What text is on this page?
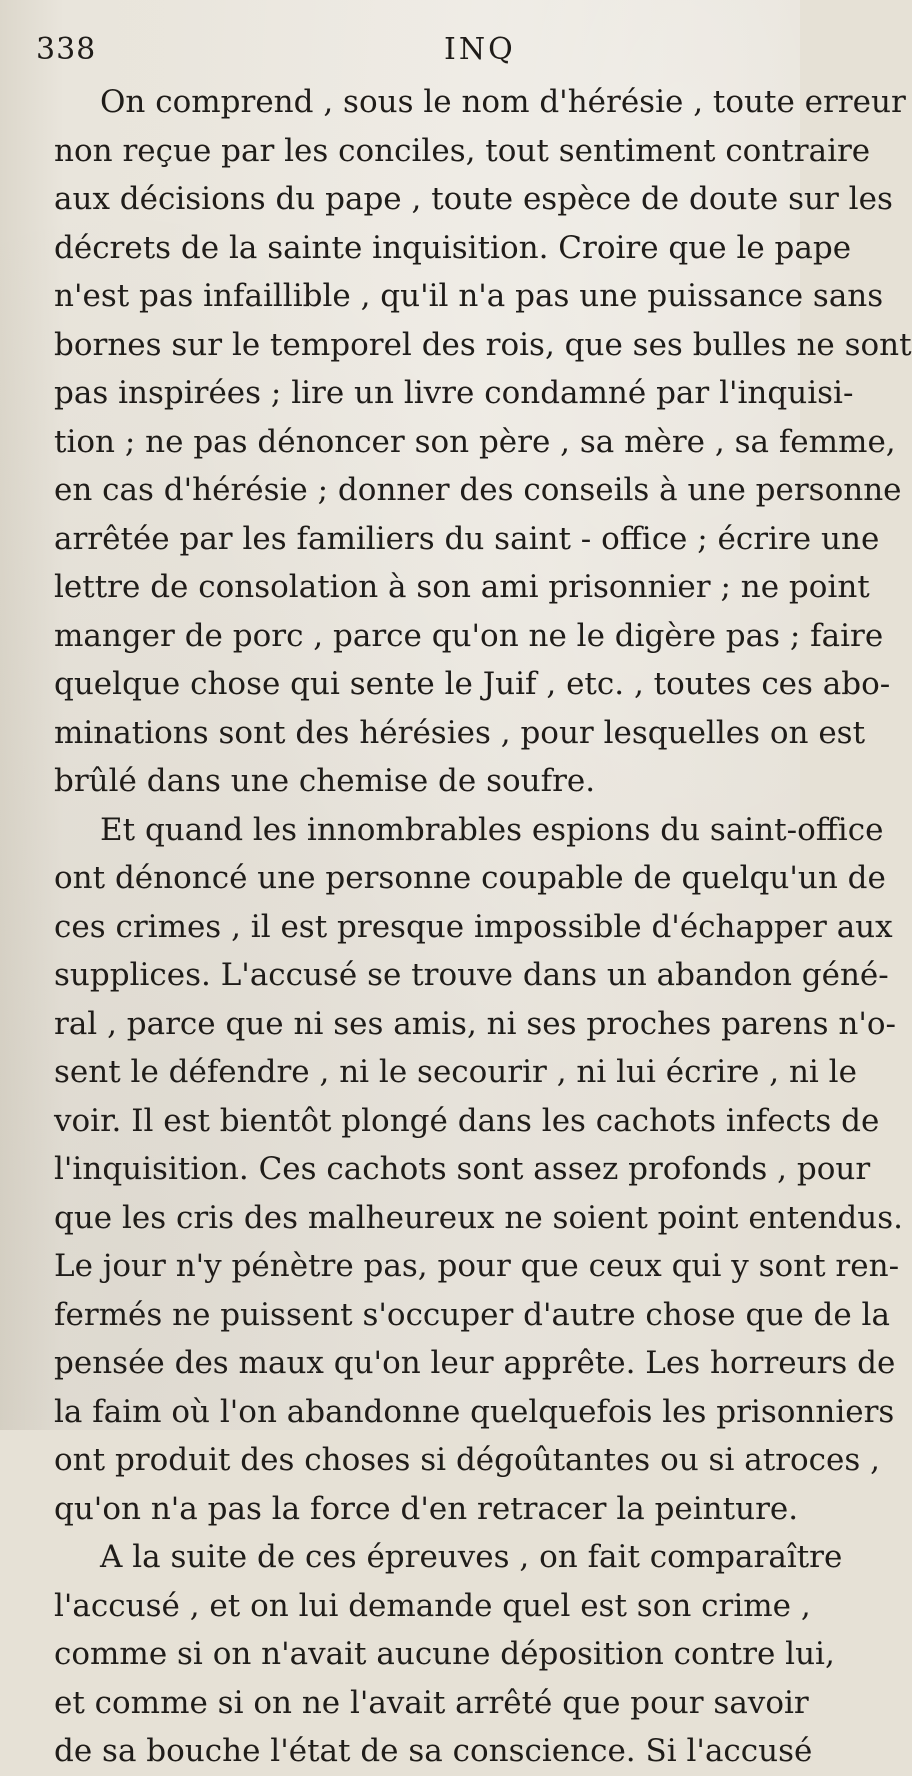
338	INQ
On comprend , sous le nom d'hérésie , toute erreur
non reçue par les conciles, tout sentiment contraire
aux décisions du pape , toute espèce de doute sur les
décrets de la sainte inquisition. Croire que le pape
n'est pas infaillible , qu'il n'a pas une puissance sans
bornes sur le temporel des rois, que ses bulles ne sont
pas inspirées ; lire un livre condamné par l'inquisi-
tion ; ne pas dénoncer son père , sa mère , sa femme,
en cas d'hérésie ; donner des conseils à une personne
arrêtée par les familiers du saint - office ; écrire une
lettre de consolation à son ami prisonnier ; ne point
manger de porc , parce qu'on ne le digère pas ; faire
quelque chose qui sente le Juif , etc. , toutes ces abo-
minations sont des hérésies , pour lesquelles on est
brûlé dans une chemise de soufre.
Et quand les innombrables espions du saint-office
ont dénoncé une personne coupable de quelqu'un de
ces crimes , il est presque impossible d'échapper aux
supplices. L'accusé se trouve dans un abandon géné-
ral , parce que ni ses amis, ni ses proches parens n'o-
sent le défendre , ni le secourir , ni lui écrire , ni le
voir. Il est bientôt plongé dans les cachots infects de
l'inquisition. Ces cachots sont assez profonds , pour
que les cris des malheureux ne soient point entendus.
Le jour n'y pénètre pas, pour que ceux qui y sont ren-
fermés ne puissent s'occuper d'autre chose que de la
pensée des maux qu'on leur apprête. Les horreurs de
la faim où l'on abandonne quelquefois les prisonniers
ont produit des choses si dégoûtantes ou si atroces ,
qu'on n'a pas la force d'en retracer la peinture.
A la suite de ces épreuves , on fait comparaître
l'accusé , et on lui demande quel est son crime ,
comme si on n'avait aucune déposition contre lui,
et comme si on ne l'avait arrêté que pour savoir
de sa bouche l'état de sa conscience. Si l'accusé
